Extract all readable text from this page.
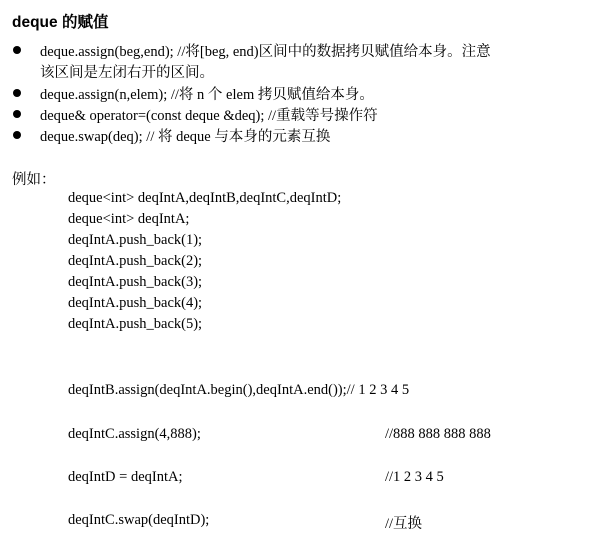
deque 的赋值
deque.assign(beg,end); //将[beg, end)区间中的数据拷贝赋值给本身。注意
该区间是左闭右开的区间。
deque.assign(n,elem); //将 n 个 elem 拷贝赋值给本身。
deque& operator=(const deque &deq); //重载等号操作符
deque.swap(deq); // 将 deque 与本身的元素互换
例如：
deque<int> deqIntA,deqIntB,deqIntC,deqIntD;
deque<int> deqIntA;
deqIntA.push_back(1);
deqIntA.push_back(2);
deqIntA.push_back(3);
deqIntA.push_back(4);
deqIntA.push_back(5);
deqIntB.assign(deqIntA.begin(),deqIntA.end());// 1 2 3 4 5
deqIntC.assign(4,888);	//888 888 888 888
deqIntD = deqIntA;	//1 2 3 4 5
deqIntC.swap(deqIntD);	//互换
